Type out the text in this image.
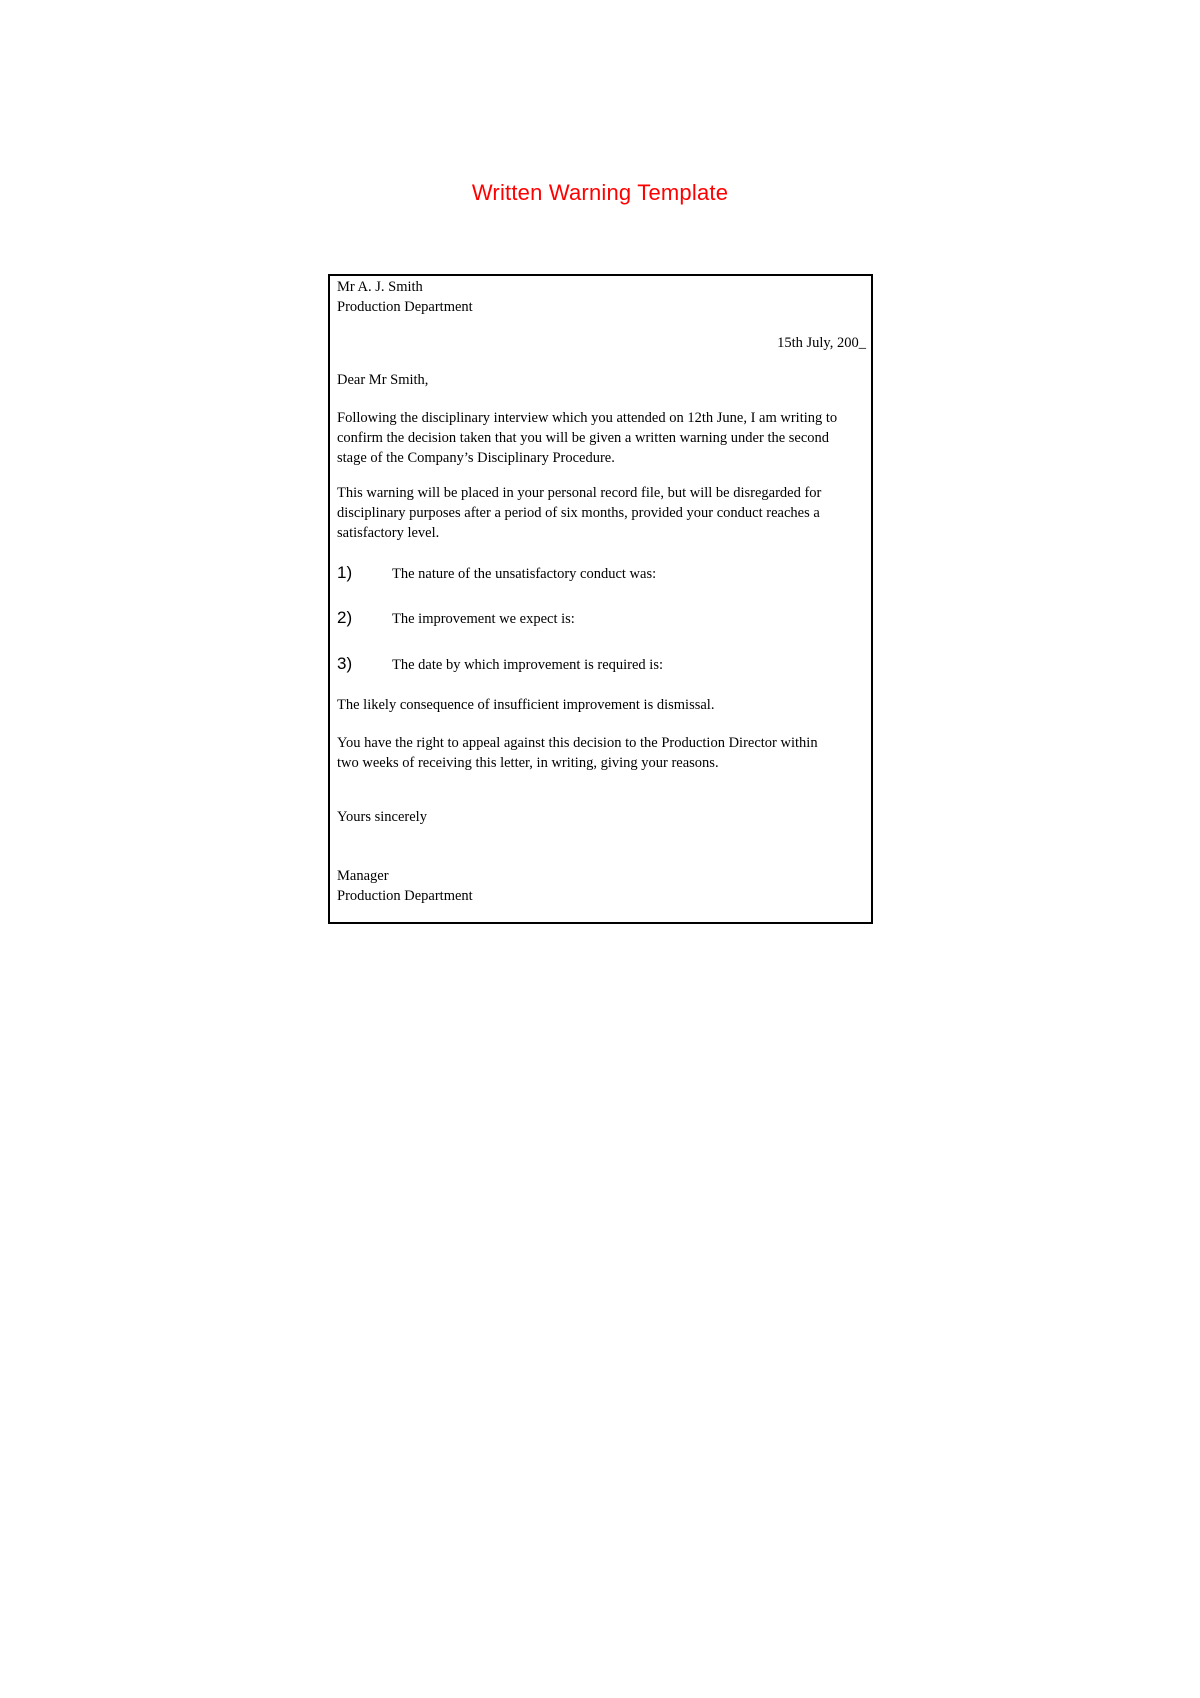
Written Warning Template
Mr A. J. Smith
Production Department
15th July, 200_
Dear Mr Smith,
Following the disciplinary interview which you attended on 12th June, I am writing to confirm the decision taken that you will be given a written warning under the second stage of the Company’s Disciplinary Procedure.
This warning will be placed in your personal record file, but will be disregarded for disciplinary purposes after a period of six months, provided your conduct reaches a satisfactory level.
1)	The nature of the unsatisfactory conduct was:
2)	The improvement we expect is:
3)	The date by which improvement is required is:
The likely consequence of insufficient improvement is dismissal.
You have the right to appeal against this decision to the Production Director within two weeks of receiving this letter, in writing, giving your reasons.
Yours sincerely
Manager
Production Department
